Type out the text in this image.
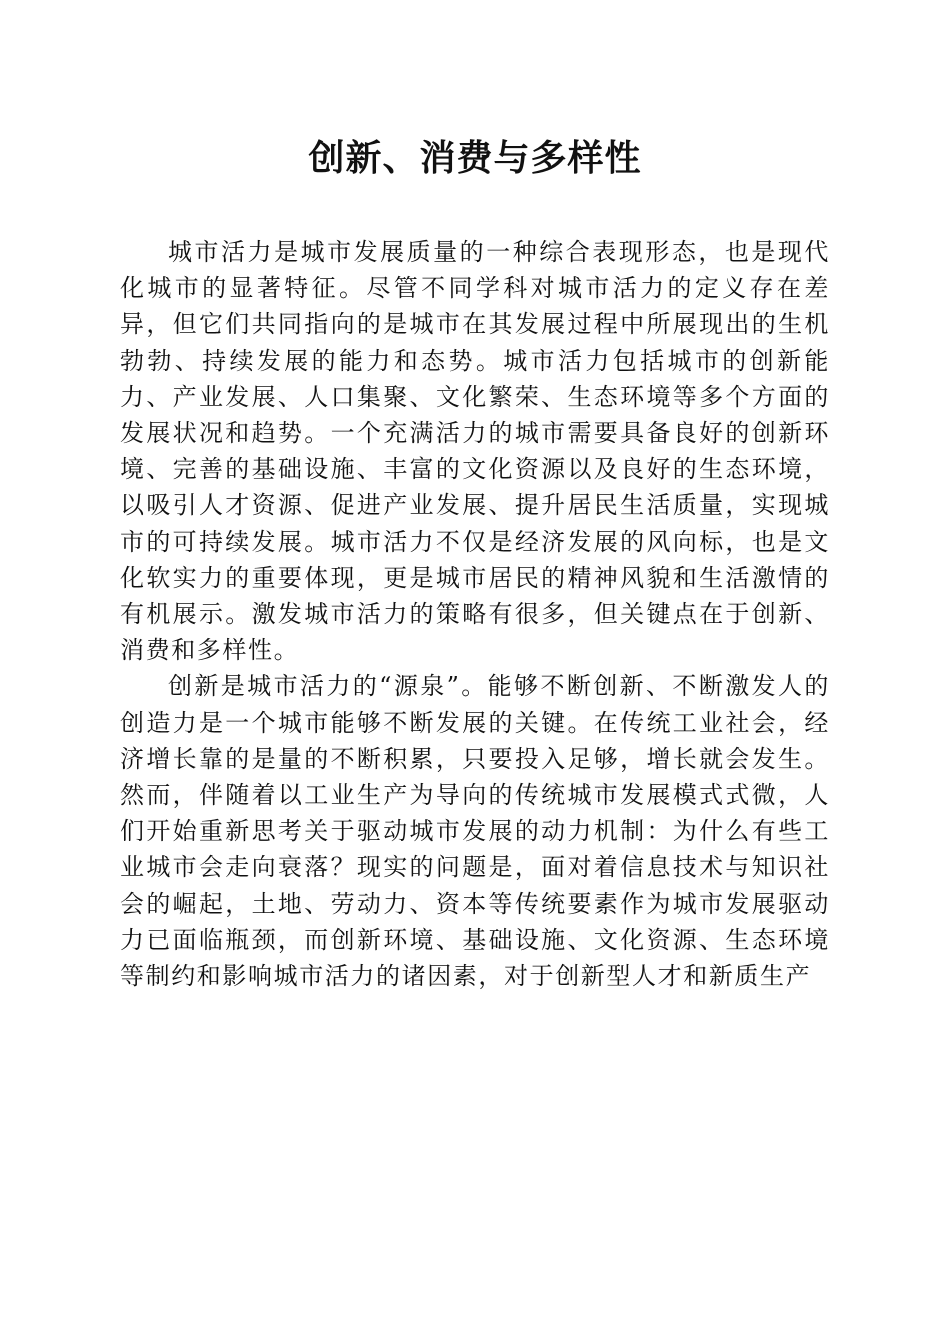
创新、消费与多样性

城市活力是城市发展质量的一种综合表现形态，也是现代化城市的显著特征。尽管不同学科对城市活力的定义存在差异，但它们共同指向的是城市在其发展过程中所展现出的生机勃勃、持续发展的能力和态势。城市活力包括城市的创新能力、产业发展、人口集聚、文化繁荣、生态环境等多个方面的发展状况和趋势。一个充满活力的城市需要具备良好的创新环境、完善的基础设施、丰富的文化资源以及良好的生态环境，以吸引人才资源、促进产业发展、提升居民生活质量，实现城市的可持续发展。城市活力不仅是经济发展的风向标，也是文化软实力的重要体现，更是城市居民的精神风貌和生活激情的有机展示。激发城市活力的策略有很多，但关键点在于创新、消费和多样性。

创新是城市活力的“源泉”。能够不断创新、不断激发人的创造力是一个城市能够不断发展的关键。在传统工业社会，经济增长靠的是量的不断积累，只要投入足够，增长就会发生。然而，伴随着以工业生产为导向的传统城市发展模式式微，人们开始重新思考关于驱动城市发展的动力机制：为什么有些工业城市会走向衰落？现实的问题是，面对着信息技术与知识社会的崛起，土地、劳动力、资本等传统要素作为城市发展驱动力已面临瓶颈，而创新环境、基础设施、文化资源、生态环境等制约和影响城市活力的诸因素，对于创新型人才和新质生产
